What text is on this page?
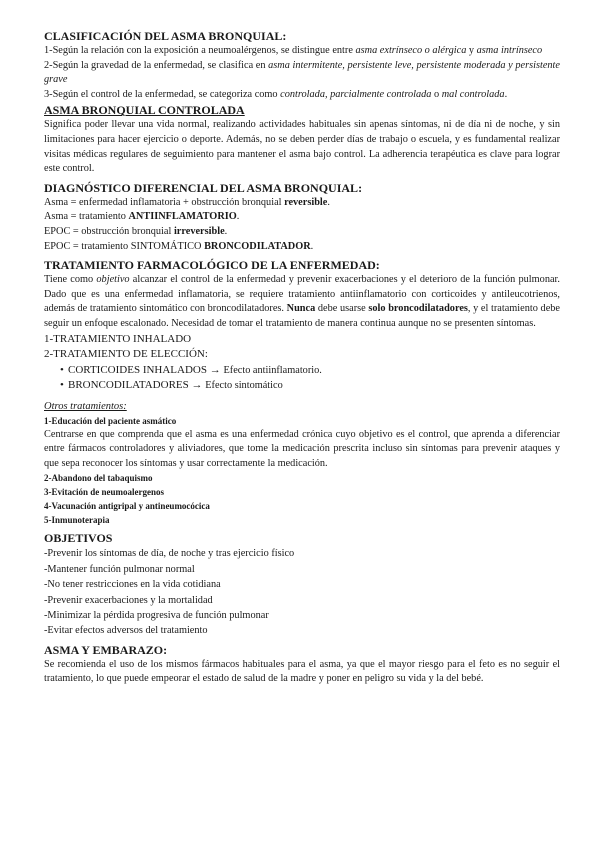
CLASIFICACIÓN DEL ASMA BRONQUIAL:

1-Según la relación con la exposición a neumoalérgenos, se distingue entre asma extrínseco o alérgica y asma intrínseco

2-Según la gravedad de la enfermedad, se clasifica en asma intermitente, persistente leve, persistente moderada y persistente grave

3-Según el control de la enfermedad, se categoriza como controlada, parcialmente controlada o mal controlada.

ASMA BRONQUIAL CONTROLADA

Significa poder llevar una vida normal, realizando actividades habituales sin apenas síntomas, ni de día ni de noche, y sin limitaciones para hacer ejercicio o deporte. Además, no se deben perder días de trabajo o escuela, y es fundamental realizar visitas médicas regulares de seguimiento para mantener el asma bajo control. La adherencia terapéutica es clave para lograr este control.

DIAGNÓSTICO DIFERENCIAL DEL ASMA BRONQUIAL:

Asma = enfermedad inflamatoria + obstrucción bronquial reversible.

Asma = tratamiento ANTIINFLAMATORIO.

EPOC = obstrucción bronquial irreversible.

EPOC = tratamiento SINTOMÁTICO BRONCODILATADOR.

TRATAMIENTO FARMACOLÓGICO DE LA ENFERMEDAD:

Tiene como objetivo alcanzar el control de la enfermedad y prevenir exacerbaciones y el deterioro de la función pulmonar. Dado que es una enfermedad inflamatoria, se requiere tratamiento antiinflamatorio con corticoides y antileucotrienos, además de tratamiento sintomático con broncodilatadores. Nunca debe usarse solo broncodilatadores, y el tratamiento debe seguir un enfoque escalonado. Necesidad de tomar el tratamiento de manera continua aunque no se presenten síntomas.

1-TRATAMIENTO INHALADO

2-TRATAMIENTO DE ELECCIÓN:

• CORTICOIDES INHALADOS → Efecto antiinflamatorio.
• BRONCODILATADORES → Efecto sintomático
Otros tratamientos:
1-Educación del paciente asmático

Centrarse en que comprenda que el asma es una enfermedad crónica cuyo objetivo es el control, que aprenda a diferenciar entre fármacos controladores y aliviadores, que tome la medicación prescrita incluso sin síntomas para prevenir ataques y que sepa reconocer los síntomas y usar correctamente la medicación.

2-Abandono del tabaquismo
3-Evitación de neumoalergenos
4-Vacunación antigripal y antineumocócica
5-Inmunoterapia
OBJETIVOS

-Prevenir los síntomas de día, de noche y tras ejercicio físico

-Mantener función pulmonar normal

-No tener restricciones en la vida cotidiana

-Prevenir exacerbaciones y la mortalidad

-Minimizar la pérdida progresiva de función pulmonar

-Evitar efectos adversos del tratamiento

ASMA Y EMBARAZO:

Se recomienda el uso de los mismos fármacos habituales para el asma, ya que el mayor riesgo para el feto es no seguir el tratamiento, lo que puede empeorar el estado de salud de la madre y poner en peligro su vida y la del bebé.
